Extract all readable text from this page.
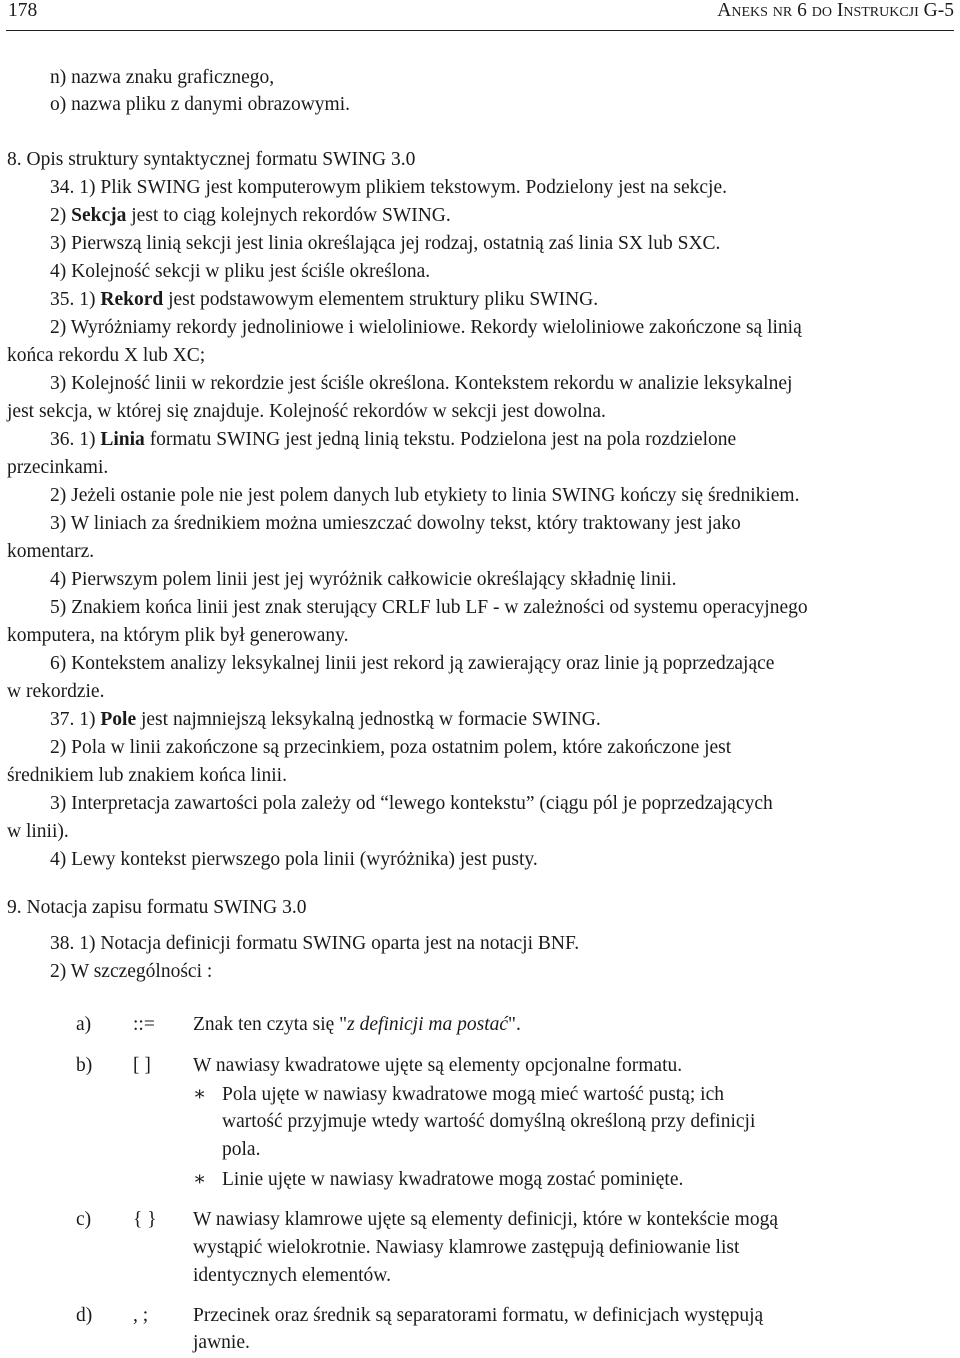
178	Aneks nr 6 do Instrukcji G-5
n) nazwa znaku graficznego,
o) nazwa pliku z danymi obrazowymi.
8. Opis struktury syntaktycznej formatu SWING 3.0
34. 1) Plik SWING jest komputerowym plikiem tekstowym. Podzielony jest na sekcje.
2) Sekcja jest to ciąg kolejnych rekordów SWING.
3) Pierwszą linią sekcji jest linia określająca jej rodzaj, ostatnią zaś linia SX lub SXC.
4) Kolejność sekcji w pliku jest ściśle określona.
35. 1) Rekord jest podstawowym elementem struktury pliku SWING.
2) Wyróżniamy rekordy jednoliniowe i wieloliniowe. Rekordy wieloliniowe zakończone są linią
końca rekordu X lub XC;
3) Kolejność linii w rekordzie jest ściśle określona. Kontekstem rekordu w analizie leksykalnej
jest sekcja, w której się znajduje. Kolejność rekordów w sekcji jest dowolna.
36. 1) Linia formatu SWING jest jedną linią tekstu. Podzielona jest na pola rozdzielone
przecinkami.
2) Jeżeli ostanie pole nie jest polem danych lub etykiety to linia SWING kończy się średnikiem.
3) W liniach za średnikiem można umieszczać dowolny tekst, który traktowany jest jako
komentarz.
4) Pierwszym polem linii jest jej wyróżnik całkowicie określający składnię linii.
5) Znakiem końca linii jest znak sterujący CRLF lub LF - w zależności od systemu operacyjnego
komputera, na którym plik był generowany.
6) Kontekstem analizy leksykalnej linii jest rekord ją zawierający oraz linie ją poprzedzające
w rekordzie.
37. 1) Pole jest najmniejszą leksykalną jednostką w formacie SWING.
2) Pola w linii zakończone są przecinkiem, poza ostatnim polem, które zakończone jest
średnikiem lub znakiem końca linii.
3) Interpretacja zawartości pola zależy od “lewego kontekstu” (ciągu pól je poprzedzających
w linii).
4) Lewy kontekst pierwszego pola linii (wyróżnika) jest pusty.
9. Notacja zapisu formatu SWING 3.0
38. 1) Notacja definicji formatu SWING oparta jest na notacji BNF.
2) W szczególności :
a) ::= Znak ten czyta się "z definicji ma postać".
b) [ ] W nawiasy kwadratowe ujęte są elementy opcjonalne formatu.
∗ Pola ujęte w nawiasy kwadratowe mogą mieć wartość pustą; ich
wartość przyjmuje wtedy wartość domyślną określoną przy definicji
pola.
∗ Linie ujęte w nawiasy kwadratowe mogą zostać pominięte.
c) { } W nawiasy klamrowe ujęte są elementy definicji, które w kontekście mogą
wystąpić wielokrotnie. Nawiasy klamrowe zastępują definiowanie list
identycznych elementów.
d) , ; Przecinek oraz średnik są separatorami formatu, w definicjach występują
jawnie.
